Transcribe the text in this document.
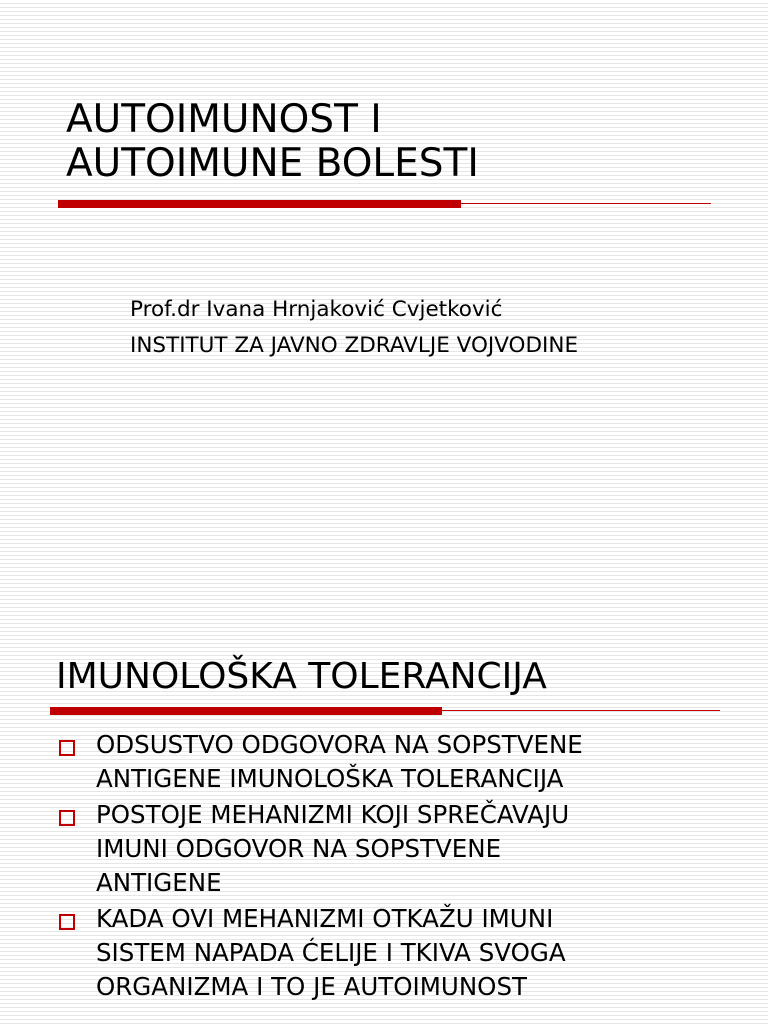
AUTOIMUNOST I
AUTOIMUNE BOLESTI
Prof.dr Ivana Hrnjaković Cvjetković
INSTITUT ZA JAVNO ZDRAVLJE VOJVODINE
IMUNOLOŠKA TOLERANCIJA
ODSUSTVO ODGOVORA NA SOPSTVENE
ANTIGENE IMUNOLOŠKA TOLERANCIJA
POSTOJE MEHANIZMI KOJI SPREČAVAJU
IMUNI ODGOVOR NA SOPSTVENE
ANTIGENE
KADA OVI MEHANIZMI OTKAŽU IMUNI
SISTEM NAPADA ĆELIJE I TKIVA SVOGA
ORGANIZMA I TO JE AUTOIMUNOST
